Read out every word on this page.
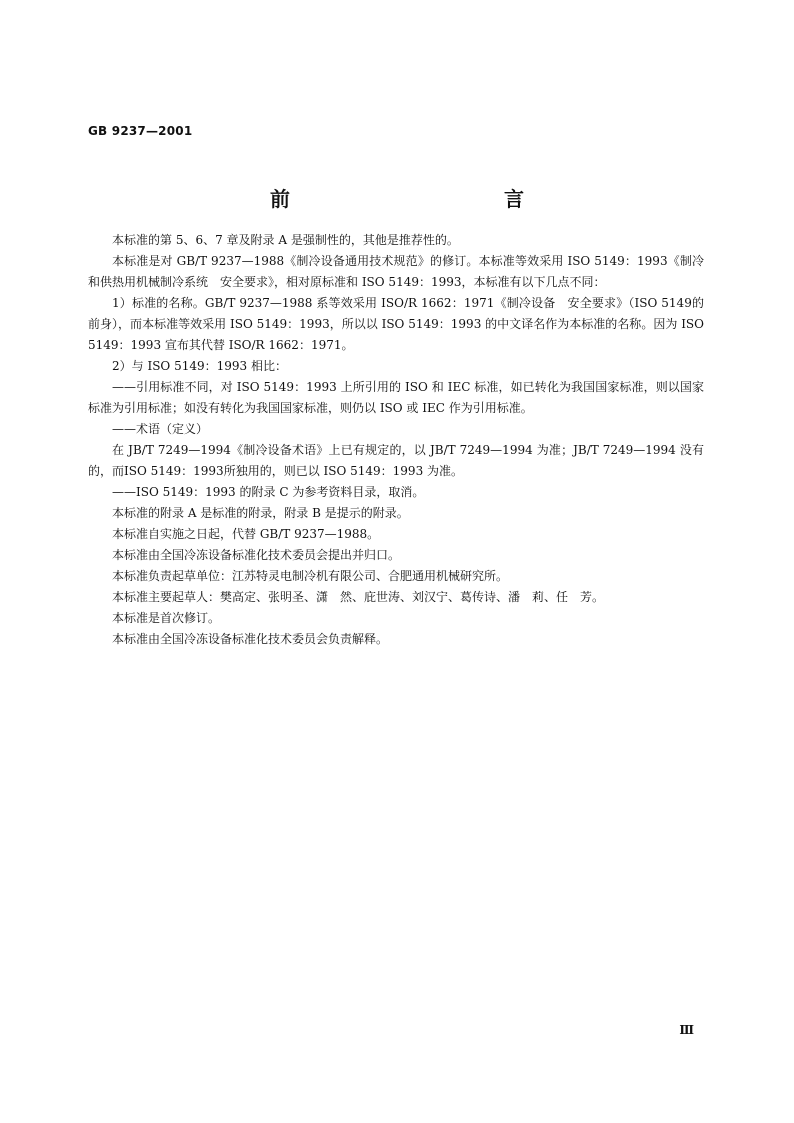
GB 9237—2001
前　　言

本标准的第 5、6、7 章及附录 A 是强制性的，其他是推荐性的。

本标准是对 GB/T 9237—1988《制冷设备通用技术规范》的修订。本标准等效采用 ISO 5149：1993《制冷和供热用机械制冷系统　安全要求》，相对原标准和 ISO 5149：1993，本标准有以下几点不同：

1）标准的名称。GB/T 9237—1988 系等效采用 ISO/R 1662：1971《制冷设备　安全要求》（ISO 5149的前身），而本标准等效采用 ISO 5149：1993，所以以 ISO 5149：1993 的中文译名作为本标准的名称。因为 ISO 5149：1993 宣布其代替 ISO/R 1662：1971。

2）与 ISO 5149：1993 相比：

——引用标准不同，对 ISO 5149：1993 上所引用的 ISO 和 IEC 标准，如已转化为我国国家标准，则以国家标准为引用标准；如没有转化为我国国家标准，则仍以 ISO 或 IEC 作为引用标准。

——术语（定义）

在 JB/T 7249—1994《制冷设备术语》上已有规定的，以 JB/T 7249—1994 为准；JB/T 7249—1994 没有的，而ISO 5149：1993所独用的，则已以 ISO 5149：1993 为准。

——ISO 5149：1993 的附录 C 为参考资料目录，取消。

本标准的附录 A 是标准的附录，附录 B 是提示的附录。

本标准自实施之日起，代替 GB/T 9237—1988。

本标准由全国冷冻设备标准化技术委员会提出并归口。

本标准负责起草单位：江苏特灵电制冷机有限公司、合肥通用机械研究所。

本标准主要起草人：樊高定、张明圣、潇　然、庇世涛、刘汉宁、葛传诗、潘　莉、任　芳。

本标准是首次修订。

本标准由全国冷冻设备标准化技术委员会负责解释。

Ⅲ
